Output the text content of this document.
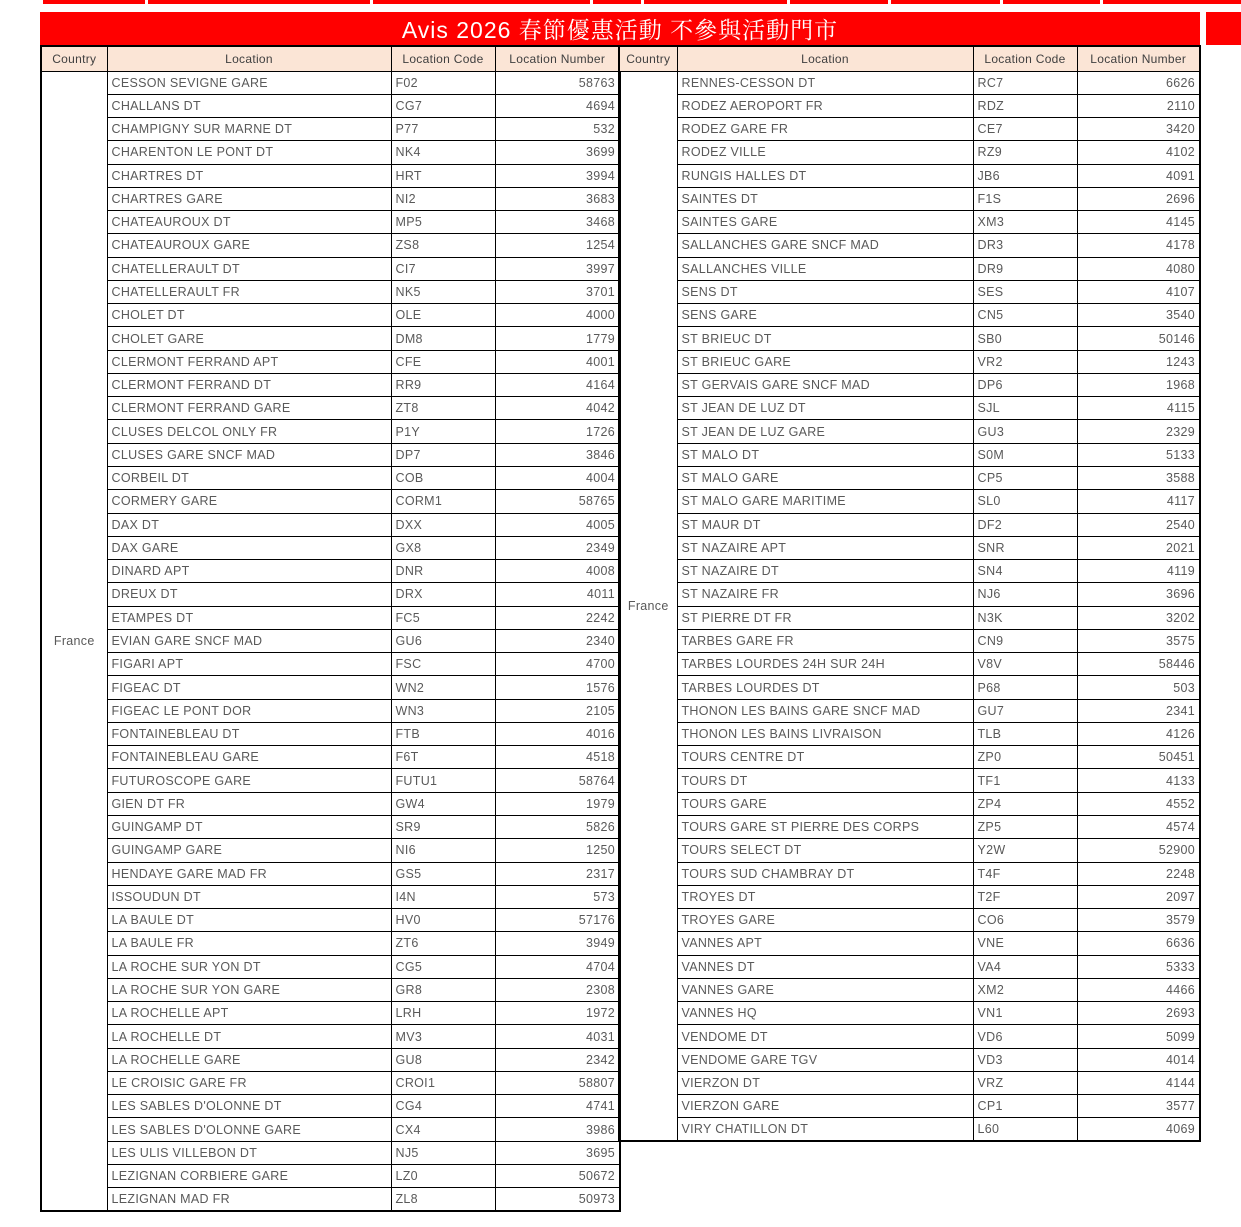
Avis 2026 春節優惠活動 不參與活動門市
Country	Location	Location Code	Location Number
France	CESSON SEVIGNE GARE	F02	58763
	CHALLANS DT	CG7	4694
	CHAMPIGNY SUR MARNE DT	P77	532
	CHARENTON LE PONT DT	NK4	3699
	CHARTRES DT	HRT	3994
	CHARTRES GARE	NI2	3683
	CHATEAUROUX DT	MP5	3468
	CHATEAUROUX GARE	ZS8	1254
	CHATELLERAULT DT	CI7	3997
	CHATELLERAULT FR	NK5	3701
	CHOLET DT	OLE	4000
	CHOLET GARE	DM8	1779
	CLERMONT FERRAND APT	CFE	4001
	CLERMONT FERRAND DT	RR9	4164
	CLERMONT FERRAND GARE	ZT8	4042
	CLUSES DELCOL ONLY FR	P1Y	1726
	CLUSES GARE SNCF MAD	DP7	3846
	CORBEIL DT	COB	4004
	CORMERY GARE	CORM1	58765
	DAX DT	DXX	4005
	DAX GARE	GX8	2349
	DINARD APT	DNR	4008
	DREUX DT	DRX	4011
	ETAMPES DT	FC5	2242
	EVIAN GARE SNCF MAD	GU6	2340
	FIGARI APT	FSC	4700
	FIGEAC DT	WN2	1576
	FIGEAC LE PONT DOR	WN3	2105
	FONTAINEBLEAU DT	FTB	4016
	FONTAINEBLEAU GARE	F6T	4518
	FUTUROSCOPE GARE	FUTU1	58764
	GIEN DT FR	GW4	1979
	GUINGAMP DT	SR9	5826
	GUINGAMP GARE	NI6	1250
	HENDAYE GARE MAD FR	GS5	2317
	ISSOUDUN DT	I4N	573
	LA BAULE DT	HV0	57176
	LA BAULE FR	ZT6	3949
	LA ROCHE SUR YON DT	CG5	4704
	LA ROCHE SUR YON GARE	GR8	2308
	LA ROCHELLE APT	LRH	1972
	LA ROCHELLE DT	MV3	4031
	LA ROCHELLE GARE	GU8	2342
	LE CROISIC GARE FR	CROI1	58807
	LES SABLES D'OLONNE DT	CG4	4741
	LES SABLES D'OLONNE GARE	CX4	3986
	LES ULIS VILLEBON DT	NJ5	3695
	LEZIGNAN CORBIERE GARE	LZ0	50672
	LEZIGNAN MAD FR	ZL8	50973
Country	Location	Location Code	Location Number
France	RENNES-CESSON DT	RC7	6626
	RODEZ AEROPORT FR	RDZ	2110
	RODEZ GARE FR	CE7	3420
	RODEZ VILLE	RZ9	4102
	RUNGIS HALLES DT	JB6	4091
	SAINTES DT	F1S	2696
	SAINTES GARE	XM3	4145
	SALLANCHES GARE SNCF MAD	DR3	4178
	SALLANCHES VILLE	DR9	4080
	SENS DT	SES	4107
	SENS GARE	CN5	3540
	ST BRIEUC DT	SB0	50146
	ST BRIEUC GARE	VR2	1243
	ST GERVAIS GARE SNCF MAD	DP6	1968
	ST JEAN DE LUZ DT	SJL	4115
	ST JEAN DE LUZ GARE	GU3	2329
	ST MALO DT	S0M	5133
	ST MALO GARE	CP5	3588
	ST MALO GARE MARITIME	SL0	4117
	ST MAUR DT	DF2	2540
	ST NAZAIRE APT	SNR	2021
	ST NAZAIRE DT	SN4	4119
	ST NAZAIRE FR	NJ6	3696
	ST PIERRE DT FR	N3K	3202
	TARBES GARE FR	CN9	3575
	TARBES LOURDES 24H SUR 24H	V8V	58446
	TARBES LOURDES DT	P68	503
	THONON LES BAINS GARE SNCF MAD	GU7	2341
	THONON LES BAINS LIVRAISON	TLB	4126
	TOURS CENTRE DT	ZP0	50451
	TOURS DT	TF1	4133
	TOURS GARE	ZP4	4552
	TOURS GARE ST PIERRE DES CORPS	ZP5	4574
	TOURS SELECT DT	Y2W	52900
	TOURS SUD CHAMBRAY DT	T4F	2248
	TROYES DT	T2F	2097
	TROYES GARE	CO6	3579
	VANNES APT	VNE	6636
	VANNES DT	VA4	5333
	VANNES GARE	XM2	4466
	VANNES HQ	VN1	2693
	VENDOME DT	VD6	5099
	VENDOME GARE TGV	VD3	4014
	VIERZON DT	VRZ	4144
	VIERZON GARE	CP1	3577
	VIRY CHATILLON DT	L60	4069
